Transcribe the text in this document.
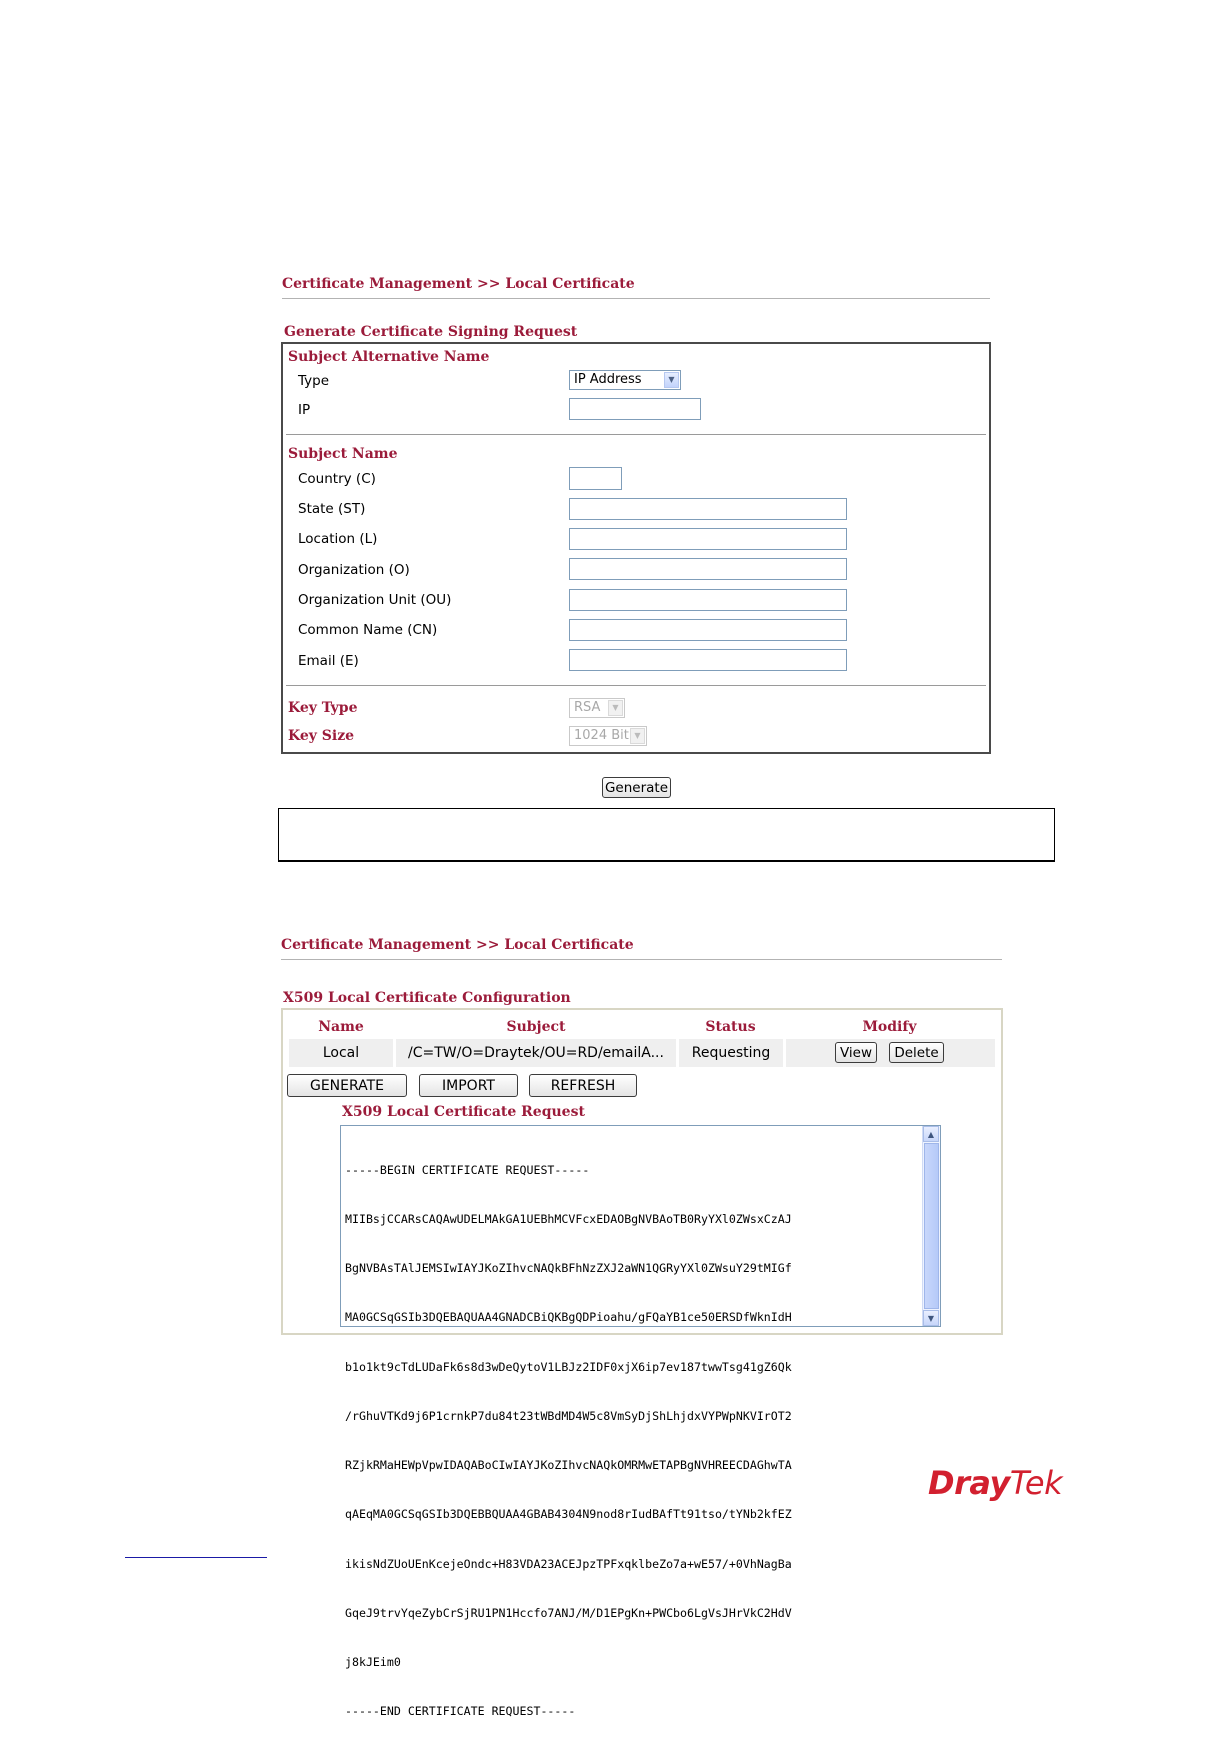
Certificate Management >> Local Certificate
Generate Certificate Signing Request
Subject Alternative Name
Type	IP Address	▼
IP
Subject Name
Country (C)
State (ST)
Location (L)
Organization (O)
Organization Unit (OU)
Common Name (CN)
Email (E)
Key Type	RSA	▼
Key Size	1024 Bit ▼
Generate
Certificate Management >> Local Certificate
X509 Local Certificate Configuration
Name	Subject	Status	Modify
Local	/C=TW/O=Draytek/OU=RD/emailA...	Requesting	View	Delete
GENERATE	IMPORT	REFRESH
X509 Local Certificate Request

-----BEGIN CERTIFICATE REQUEST-----

MIIBsjCCARsCAQAwUDELMAkGA1UEBhMCVFcxEDAOBgNVBAoTB0RyYXl0ZWsxCzAJ

BgNVBAsTAlJEMSIwIAYJKoZIhvcNAQkBFhNzZXJ2aWN1QGRyYXl0ZWsuY29tMIGf

MA0GCSqGSIb3DQEBAQUAA4GNADCBiQKBgQDPioahu/gFQaYB1ce50ERSDfWknIdH

b1o1kt9cTdLUDaFk6s8d3wDeQytoV1LBJz2IDF0xjX6ip7ev187twwTsg41gZ6Qk

/rGhuVTKd9j6P1crnkP7du84t23tWBdMD4W5c8VmSyDjShLhjdxVYPWpNKVIrOT2

RZjkRMaHEWpVpwIDAQABoCIwIAYJKoZIhvcNAQkOMRMwETAPBgNVHREECDAGhwTA

qAEqMA0GCSqGSIb3DQEBBQUAA4GBAB4304N9nod8rIudBAfTt91tso/tYNb2kfEZ

ikisNdZUoUEnKcejeOndc+H83VDA23ACEJpzTPFxqklbeZo7a+wE57/+0VhNagBa

GqeJ9trvYqeZybCrSjRU1PN1Hccfo7ANJ/M/D1EPgKn+PWCbo6LgVsJHrVkC2HdV

j8kJEim0

-----END CERTIFICATE REQUEST-----

▲
▼
DrayTek
